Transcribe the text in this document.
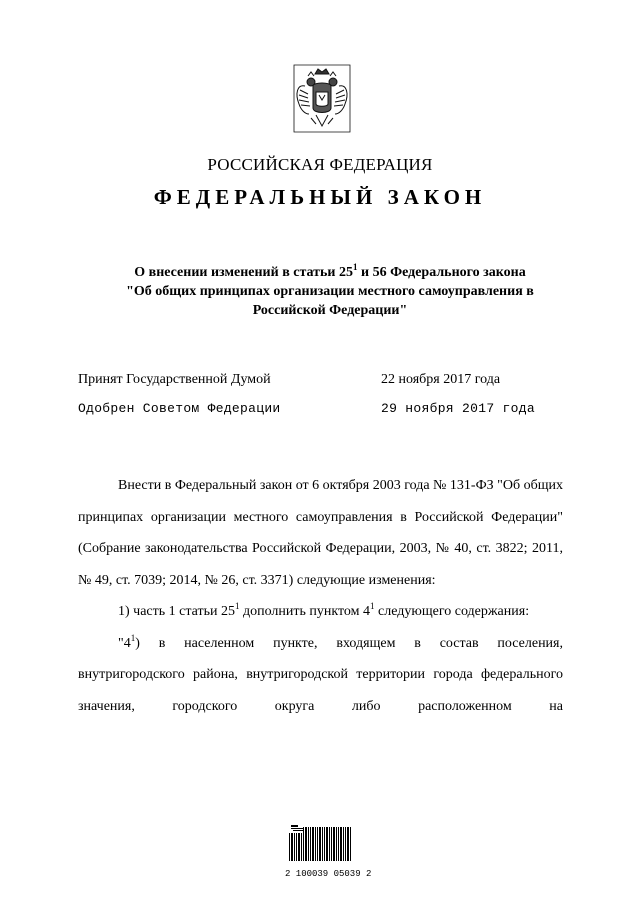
РОССИЙСКАЯ ФЕДЕРАЦИЯ
ФЕДЕРАЛЬНЫЙ ЗАКОН
О внесении изменений в статьи $25^1$ и 56 Федерального закона
"Об общих принципах организации местного самоуправления в
Российской Федерации"
Принят Государственной Думой	22 ноября 2017 года
Одобрен Советом Федерации	29 ноября 2017 года

Внести в Федеральный закон от 6 октября 2003 года № 131-ФЗ "Об общих принципах организации местного самоуправления в Российской Федерации" (Собрание законодательства Российской Федерации, 2003, № 40, ст. 3822; 2011, № 49, ст. 7039; 2014, № 26, ст. 3371) следующие изменения:

1) часть 1 статьи $25^1$ дополнить пунктом $4^1$ следующего содержания:

"$4^1$) в населенном пункте, входящем в состав поселения, внутригородского района, внутригородской территории города федерального значения, городского округа либо расположенном на

2 100039 05039 2
